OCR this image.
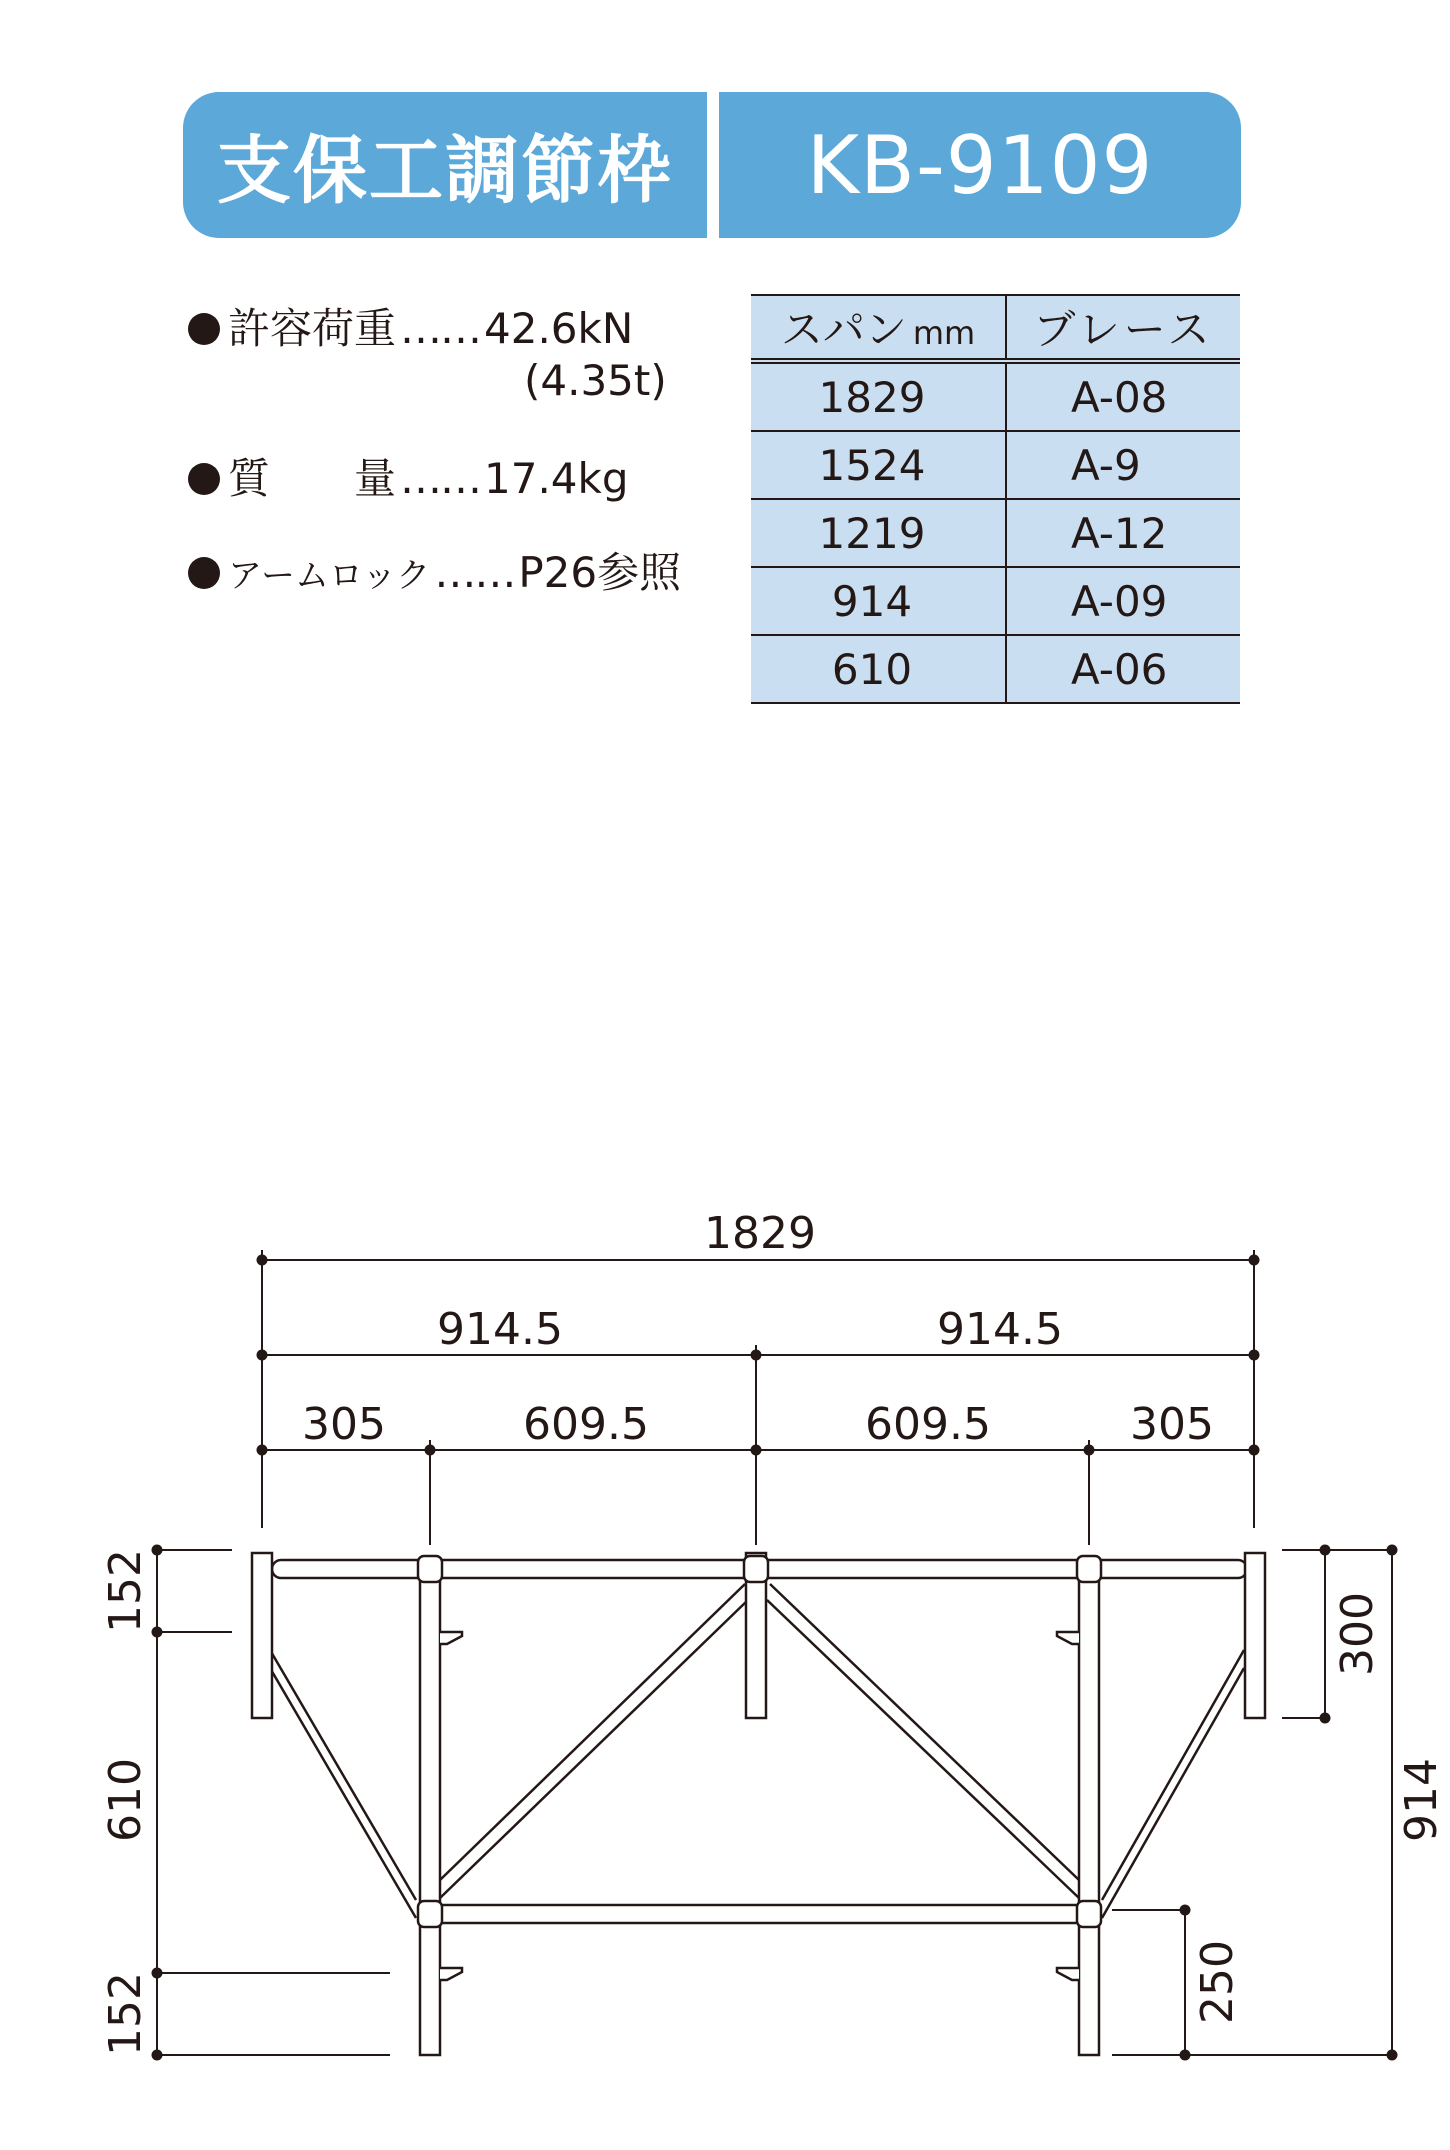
支保工調節枠	KB-9109
許容荷重 …… 42.6kN
(4.35t)
質　　量 …… 17.4kg
アームロック …… P26参照
スパン mm	ブレース
1829	A-08
1524	A-9
1219	A-12
914	A-09
610	A-06
1829
914.5	914.5
305	609.5	609.5	305
152
610
152
300
914
250
